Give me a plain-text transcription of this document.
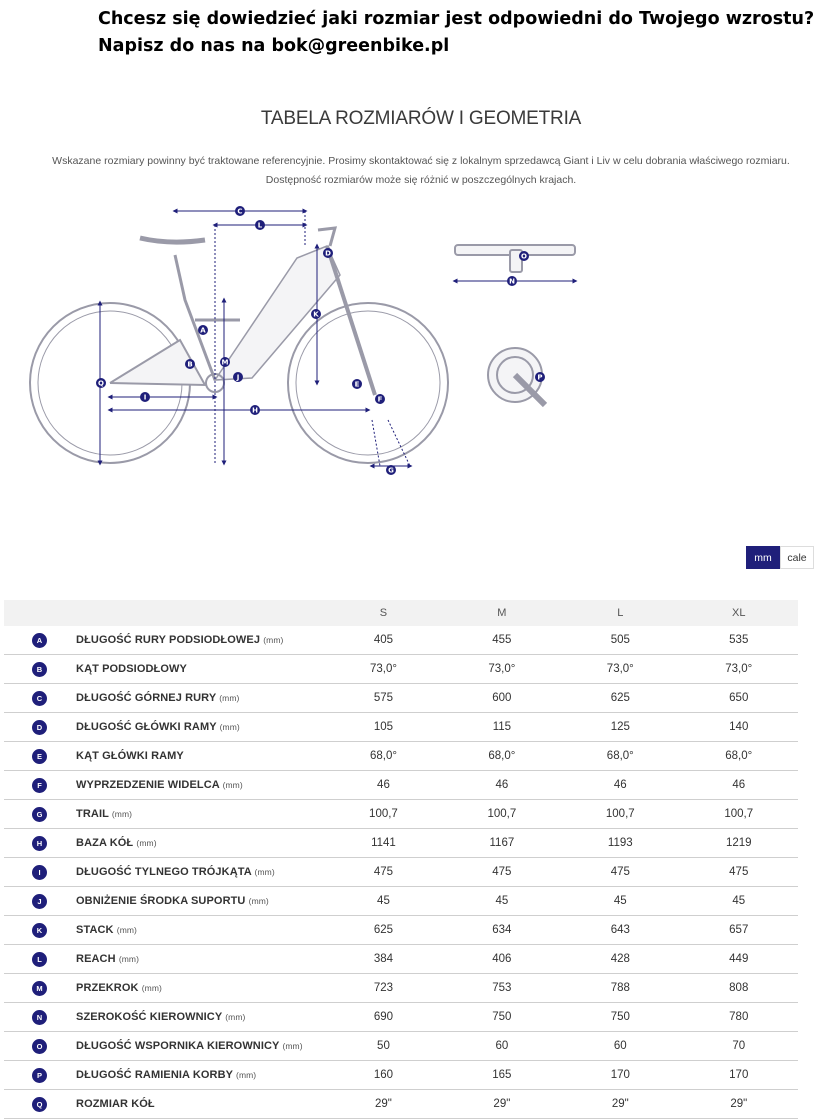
Chcesz się dowiedzieć jaki rozmiar jest odpowiedni do Twojego wzrostu?
Napisz do nas na bok@greenbike.pl
TABELA ROZMIARÓW I GEOMETRIA
Wskazane rozmiary powinny być traktowane referencyjnie. Prosimy skontaktować się z lokalnym sprzedawcą Giant i Liv w celu dobrania właściwego rozmiaru.
Dostępność rozmiarów może się różnić w poszczególnych krajach.
A
B
C
D
E
F
G
H
I
J
K
L
M
N
O
P
Q
mm	cale
		S	M	L	XL
A	DŁUGOŚĆ RURY PODSIODŁOWEJ (mm)	405	455	505	535
B	KĄT PODSIODŁOWY	73,0°	73,0°	73,0°	73,0°
C	DŁUGOŚĆ GÓRNEJ RURY (mm)	575	600	625	650
D	DŁUGOŚĆ GŁÓWKI RAMY (mm)	105	115	125	140
E	KĄT GŁÓWKI RAMY	68,0°	68,0°	68,0°	68,0°
F	WYPRZEDZENIE WIDELCA (mm)	46	46	46	46
G	TRAIL (mm)	100,7	100,7	100,7	100,7
H	BAZA KÓŁ (mm)	1141	1167	1193	1219
I	DŁUGOŚĆ TYLNEGO TRÓJKĄTA (mm)	475	475	475	475
J	OBNIŻENIE ŚRODKA SUPORTU (mm)	45	45	45	45
K	STACK (mm)	625	634	643	657
L	REACH (mm)	384	406	428	449
M	PRZEKROK (mm)	723	753	788	808
N	SZEROKOŚĆ KIEROWNICY (mm)	690	750	750	780
O	DŁUGOŚĆ WSPORNIKA KIEROWNICY (mm)	50	60	60	70
P	DŁUGOŚĆ RAMIENIA KORBY (mm)	160	165	170	170
Q	ROZMIAR KÓŁ	29"	29"	29"	29"
